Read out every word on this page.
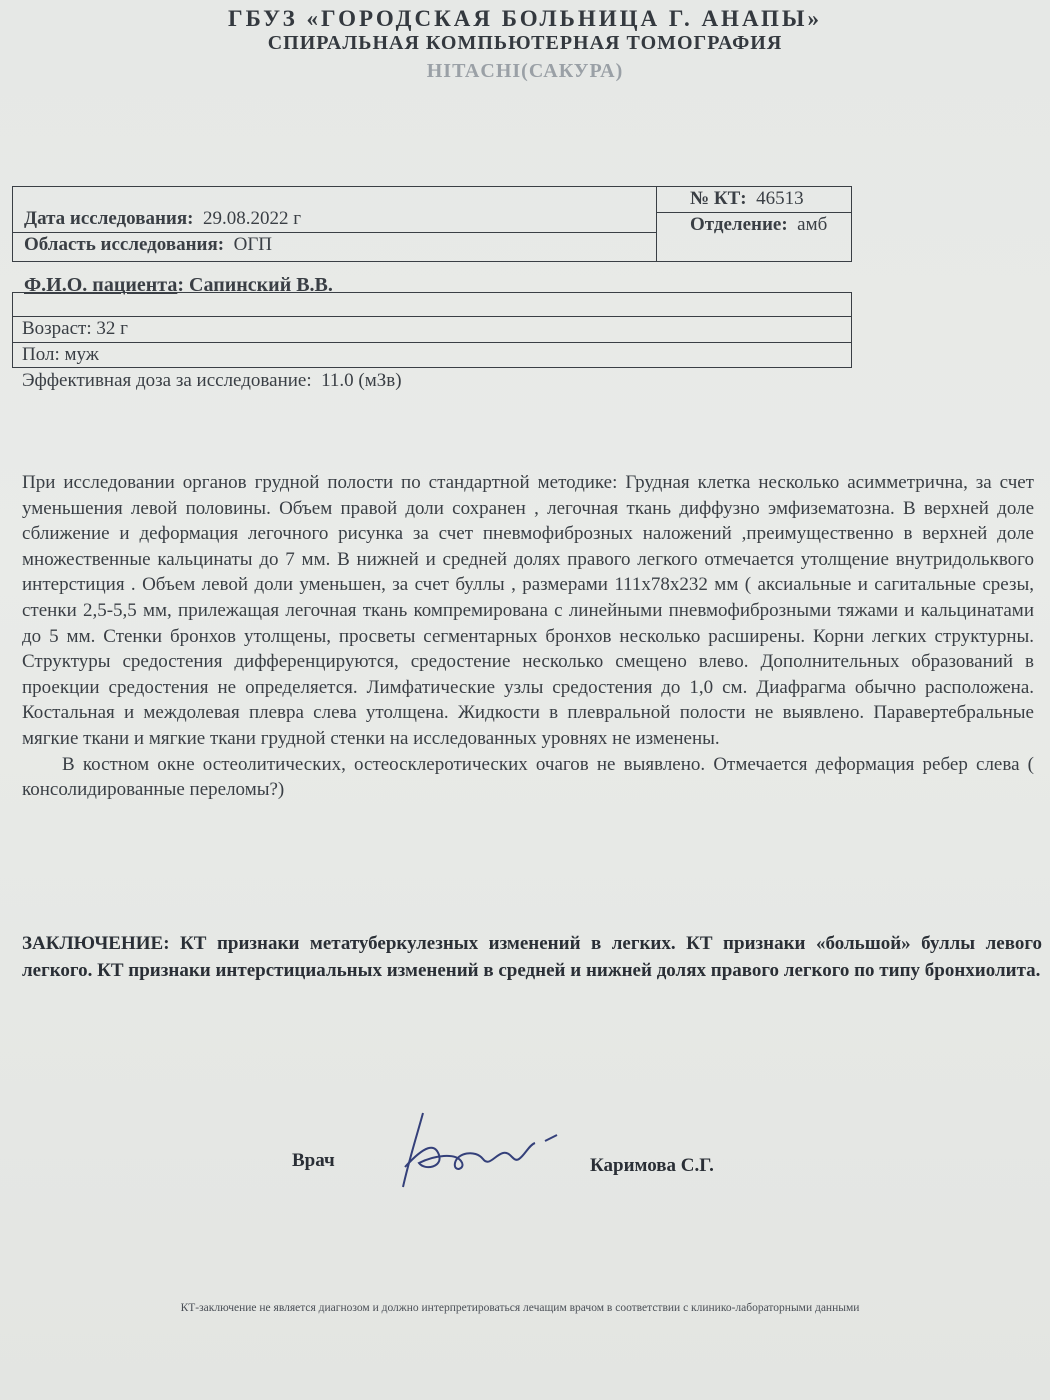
ГБУЗ «ГОРОДСКАЯ БОЛЬНИЦА Г. АНАПЫ»
СПИРАЛЬНАЯ КОМПЬЮТЕРНАЯ ТОМОГРАФИЯ
HITACHI(САКУРА)
Дата исследования: 29.08.2022 г
Область исследования: ОГП
№ КТ: 46513
Отделение: амб
Ф.И.О. пациента: Сапинский В.В.
Возраст: 32 г
Пол: муж
Эффективная доза за исследование: 11.0 (мЗв)

При исследовании органов грудной полости по стандартной методике: Грудная клетка несколько асимметрична, за счет уменьшения левой половины. Объем правой доли сохранен , легочная ткань диффузно эмфизематозна. В верхней доле сближение и деформация легочного рисунка за счет пневмофиброзных наложений ,преимущественно в верхней доле множественные кальцинаты до 7 мм. В нижней и средней долях правого легкого отмечается утолщение внутридольквого интерстиция . Объем левой доли уменьшен, за счет буллы , размерами 111х78х232 мм ( аксиальные и сагитальные срезы, стенки 2,5-5,5 мм, прилежащая легочная ткань компремирована с линейными пневмофиброзными тяжами и кальцинатами до 5 мм. Стенки бронхов утолщены, просветы сегментарных бронхов несколько расширены. Корни легких структурны. Структуры средостения дифференцируются, средостение несколько смещено влево. Дополнительных образований в проекции средостения не определяется. Лимфатические узлы средостения до 1,0 см. Диафрагма обычно расположена. Костальная и междолевая плевра слева утолщена. Жидкости в плевральной полости не выявлено. Паравертебральные мягкие ткани и мягкие ткани грудной стенки на исследованных уровнях не изменены.

В костном окне остеолитических, остеосклеротических очагов не выявлено. Отмечается деформация ребер слева ( консолидированные переломы?)

ЗАКЛЮЧЕНИЕ: КТ признаки метатуберкулезных изменений в легких. КТ признаки «большой» буллы левого легкого. КТ признаки интерстициальных изменений в средней и нижней долях правого легкого по типу бронхиолита.
Врач	Каримова С.Г.
КТ-заключение не является диагнозом и должно интерпретироваться лечащим врачом в соответствии с клинико-лабораторными данными
